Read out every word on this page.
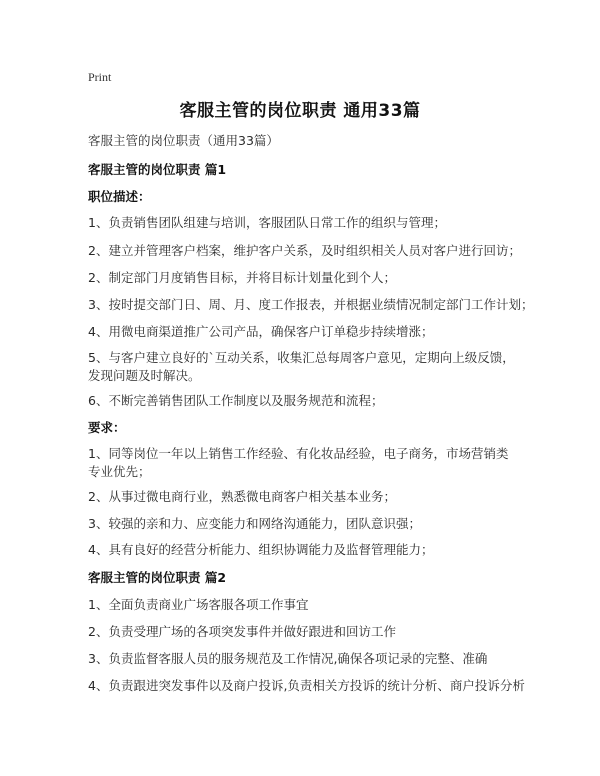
Print
客服主管的岗位职责 通用33篇
客服主管的岗位职责（通用33篇）
客服主管的岗位职责 篇1
职位描述：
1、负责销售团队组建与培训，客服团队日常工作的组织与管理；
2、建立并管理客户档案，维护客户关系，及时组织相关人员对客户进行回访；
2、制定部门月度销售目标，并将目标计划量化到个人；
3、按时提交部门日、周、月、度工作报表，并根据业绩情况制定部门工作计划；
4、用微电商渠道推广公司产品，确保客户订单稳步持续增涨；
5、与客户建立良好的`互动关系，收集汇总每周客户意见，定期向上级反馈，发现问题及时解决。
6、不断完善销售团队工作制度以及服务规范和流程；
要求：
1、同等岗位一年以上销售工作经验、有化妆品经验，电子商务，市场营销类专业优先；
2、从事过微电商行业，熟悉微电商客户相关基本业务；
3、较强的亲和力、应变能力和网络沟通能力，团队意识强；
4、具有良好的经营分析能力、组织协调能力及监督管理能力；
客服主管的岗位职责 篇2
1、全面负责商业广场客服各项工作事宜
2、负责受理广场的各项突发事件并做好跟进和回访工作
3、负责监督客服人员的服务规范及工作情况,确保各项记录的完整、准确
4、负责跟进突发事件以及商户投诉,负责相关方投诉的统计分析、商户投诉分析
